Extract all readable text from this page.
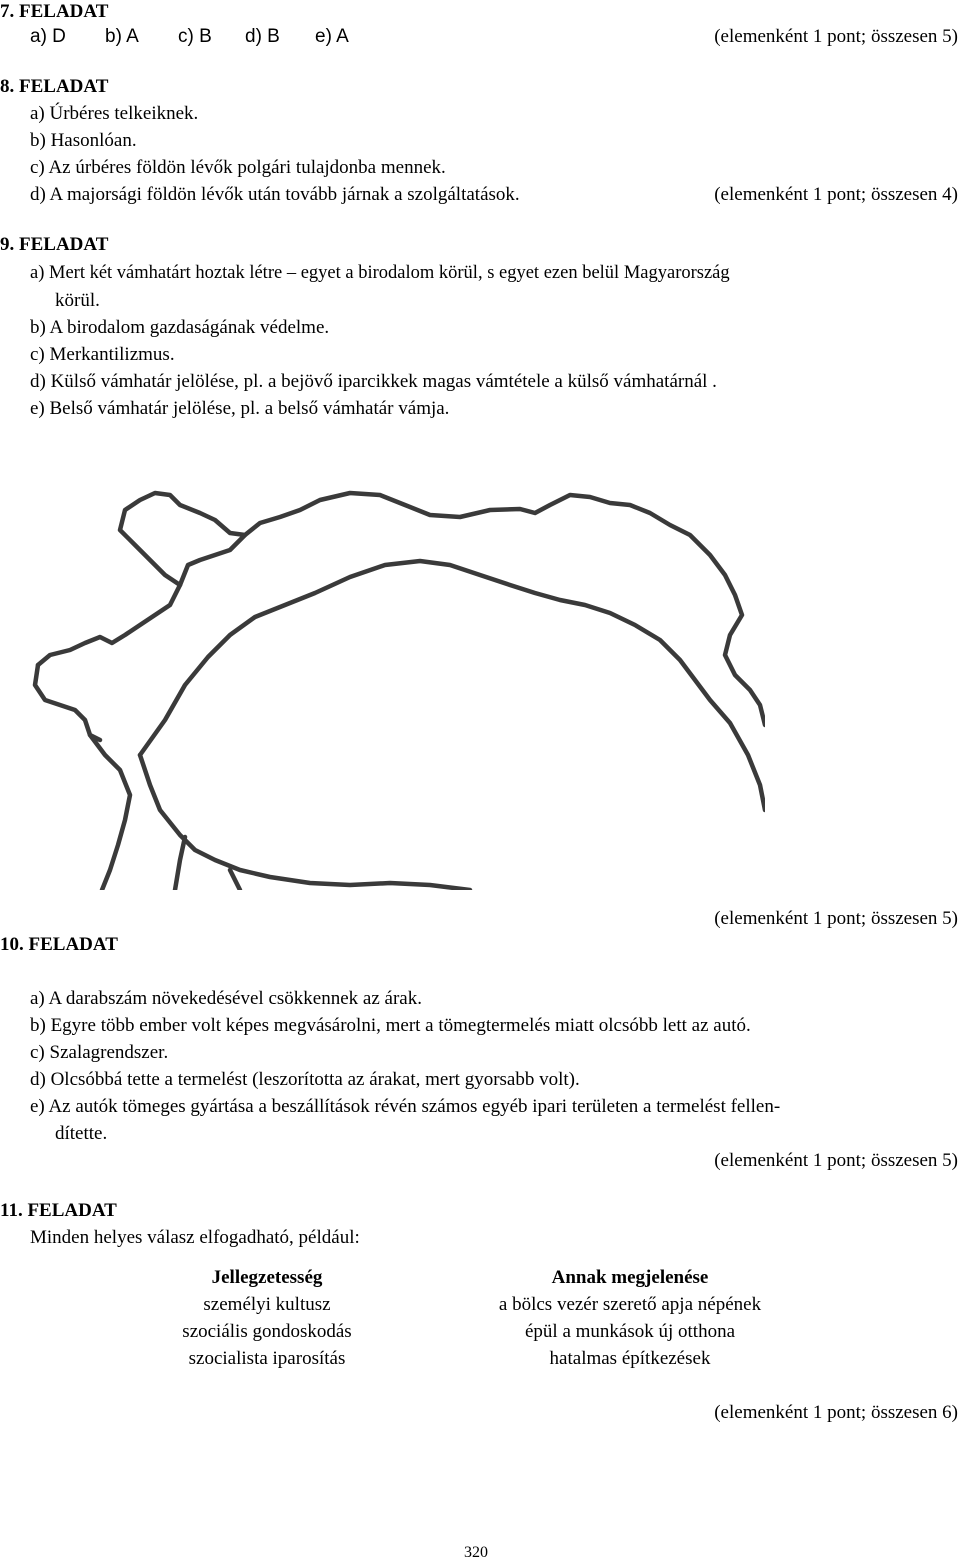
7. FELADAT
a) D b) A c) B d) B e) A	(elemenként 1 pont; összesen 5)
8. FELADAT
a) Úrbéres telkeiknek.
b) Hasonlóan.
c) Az úrbéres földön lévők polgári tulajdonba mennek.
d) A majorsági földön lévők után tovább járnak a szolgáltatások.	(elemenként 1 pont; összesen 4)
9. FELADAT
a) Mert két vámhatárt hoztak létre – egyet a birodalom körül, s egyet ezen belül Magyarország
körül.
b) A birodalom gazdaságának védelme.
c) Merkantilizmus.
d) Külső vámhatár jelölése, pl. a bejövő iparcikkek magas vámtétele a külső vámhatárnál .
e) Belső vámhatár jelölése, pl. a belső vámhatár vámja.
(elemenként 1 pont; összesen 5)
10. FELADAT
a) A darabszám növekedésével csökkennek az árak.
b) Egyre több ember volt képes megvásárolni, mert a tömegtermelés miatt olcsóbb lett az autó.
c) Szalagrendszer.
d) Olcsóbbá tette a termelést (leszorította az árakat, mert gyorsabb volt).
e) Az autók tömeges gyártása a beszállítások révén számos egyéb ipari területen a termelést fellen-
dítette.
(elemenként 1 pont; összesen 5)
11. FELADAT
Minden helyes válasz elfogadható, például:
Jellegzetesség	Annak megjelenése
személyi kultusz	a bölcs vezér szerető apja népének
szociális gondoskodás	épül a munkások új otthona
szocialista iparosítás	hatalmas építkezések
(elemenként 1 pont; összesen 6)
320
